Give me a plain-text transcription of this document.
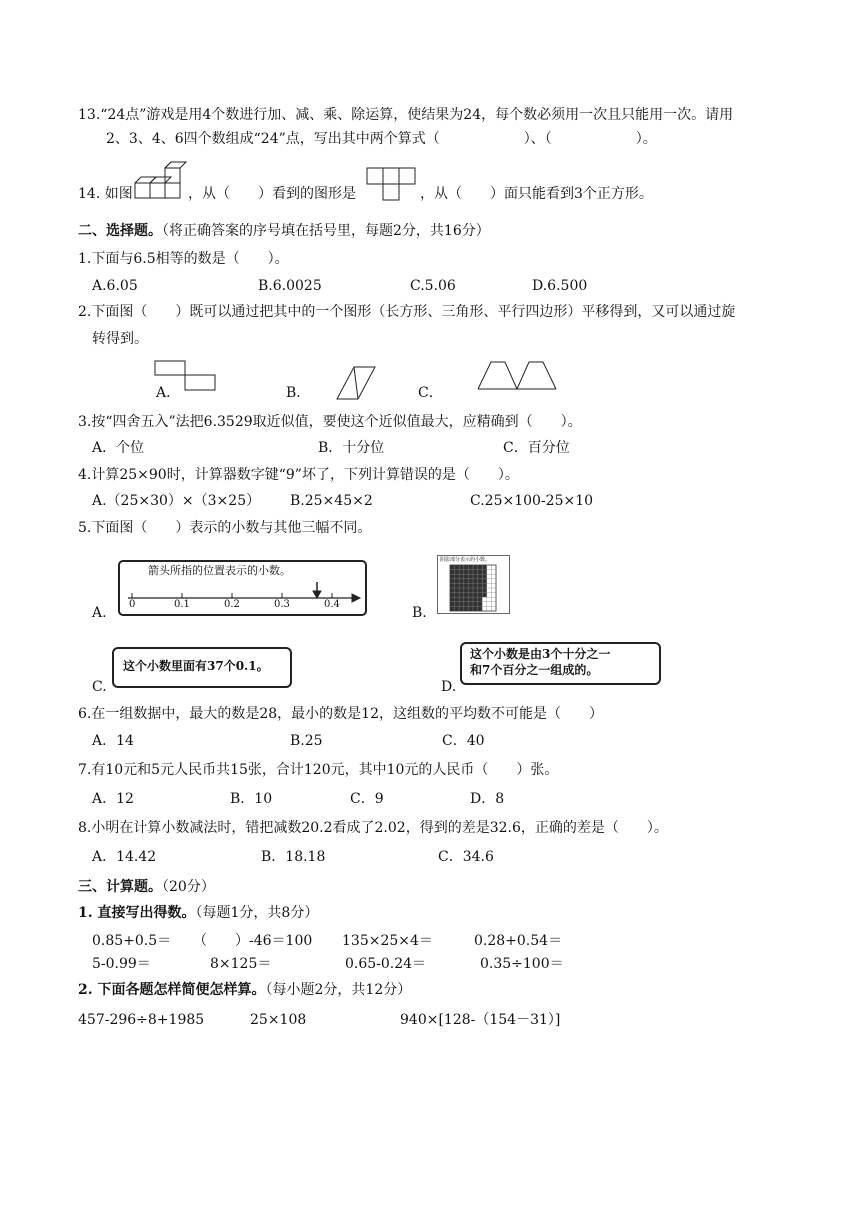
13.“24点”游戏是用4个数进行加、减、乘、除运算，使结果为24，每个数必须用一次且只能用一次。请用
2、3、4、6四个数组成“24”点，写出其中两个算式（　　　　　　）、（　　　　　　）。
14. 如图	，从（　　）看到的图形是	，从（　　）面只能看到3个正方形。
二、选择题。（将正确答案的序号填在括号里，每题2分，共16分）
1.下面与6.5相等的数是（　　）。
A.6.05	B.6.0025	C.5.06	D.6.500
2.下面图（　　）既可以通过把其中的一个图形（长方形、三角形、平行四边形）平移得到，又可以通过旋
转得到。
A．	B．	C．
3.按“四舍五入”法把6.3529取近似值，要使这个近似值最大，应精确到（　　）。
A．个位	B．十分位	C．百分位
4.计算25×90时，计算器数字键“9”坏了，下列计算错误的是（　　）。
A.（25×30）×（3×25） B.25×45×2	C.25×100-25×10
5.下面图（　　）表示的小数与其他三幅不同。
A.
箭头所指的位置表示的小数。
0	0.1	0.2	0.3	0.4
B.
阴影部分表示的小数。
C.
这个小数里面有37个0.1。
D.
这个小数是由3个十分之一
和7个百分之一组成的。
6.在一组数据中，最大的数是28，最小的数是12，这组数的平均数不可能是（　　）
A．14	B.25	C．40
7.有10元和5元人民币共15张，合计120元，其中10元的人民币（　　）张。
A．12	B．10	C．9	D．8
8.小明在计算小数减法时，错把减数20.2看成了2.02，得到的差是32.6，正确的差是（　　）。
A．14.42	B．18.18	C．34.6
三、计算题。（20分）
1. 直接写出得数。（每题1分，共8分）
0.85+0.5＝ （　　）-46＝100 135×25×4＝	0.28+0.54＝
5-0.99＝	8×125＝	0.65-0.24＝	0.35÷100＝
2. 下面各题怎样简便怎样算。（每小题2分，共12分）
457-296÷8+1985	25×108	940×[128-（154－31）]
